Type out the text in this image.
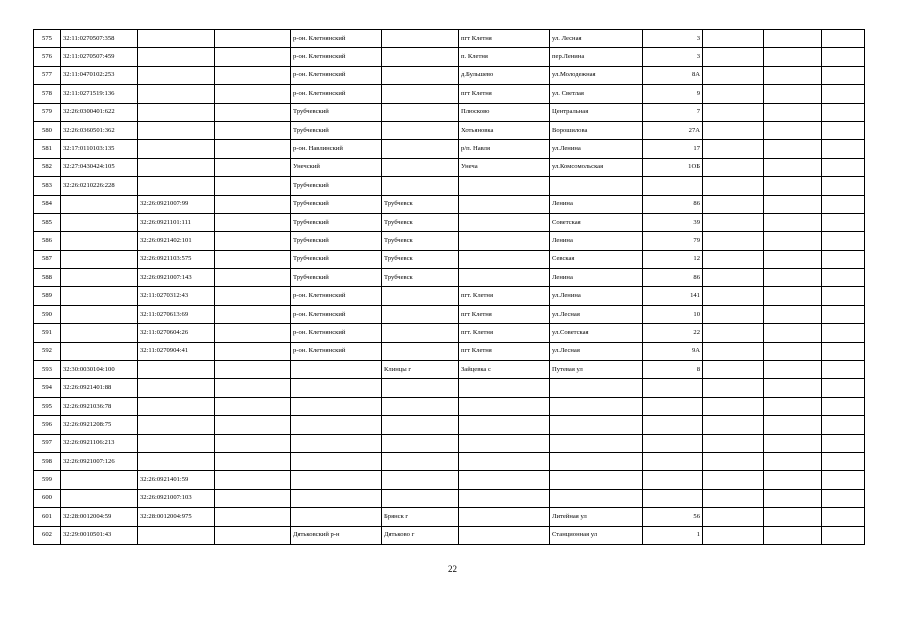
575	32:11:0270507:358			р-он. Клетнянский		пгт Клетня	ул. Лесная	3			
576	32:11:0270507:459			р-он. Клетнянский		п. Клетня	пер.Ленина	3			
577	32:11:0470102:253			р-он. Клетнянский		д.Бульшево	ул.Молодежная	8А			
578	32:11:0271519:136			р-он. Клетнянский		пгт Клетня	ул. Светлая	9			
579	32:26:0300401:622			Трубчевский		Плюсково	Центральная	7			
580	32:26:0360501:362			Трубчевский		Хотьяновка	Ворошилова	27А			
581	32:17:0110103:135			р-он. Навлинский		р/п. Навля	ул.Ленина	17			
582	32:27:0430424:105			Унечский		Унеча	ул.Комсомольская	1ОБ			
583	32:26:0210226:228			Трубчевский							
584		32:26:0921007:99		Трубчевский	Трубчевск		Ленина	86			
585		32:26:0921101:111		Трубчевский	Трубчевск		Советская	39			
586		32:26:0921402:101		Трубчевский	Трубчевск		Ленина	79			
587		32:26:0921103:575		Трубчевский	Трубчевск		Севская	12			
588		32:26:0921007:143		Трубчевский	Трубчевск		Ленина	86			
589		32:11:0270312:43		р-он. Клетнянский		пгт. Клетня	ул.Ленина	141			
590		32:11:0270613:69		р-он. Клетнянский		пгт Клетня	ул.Лесная	10			
591		32:11:0270604:26		р-он. Клетнянский		пгт. Клетня	ул.Советская	22			
592		32:11:0270904:41		р-он. Клетнянский		пгт Клетня	ул.Лесная	9А			
593	32:30:0030104:100				Клинцы г	Зайцевка с	Путевая ул	8			
594	32:26:0921401:88										
595	32:26:0921036:78										
596	32:26:0921208:75										
597	32:26:0921106:213										
598	32:26:0921007:126										
599		32:26:0921401:59									
600		32:26:0921007:103									
601	32:28:0012004:59	32:28:0012004:975			Брянск г		Литейная ул	56			
602	32:29:0010501:43			Дятьковский р-н	Дятьково г		Станционная ул	1			
22
